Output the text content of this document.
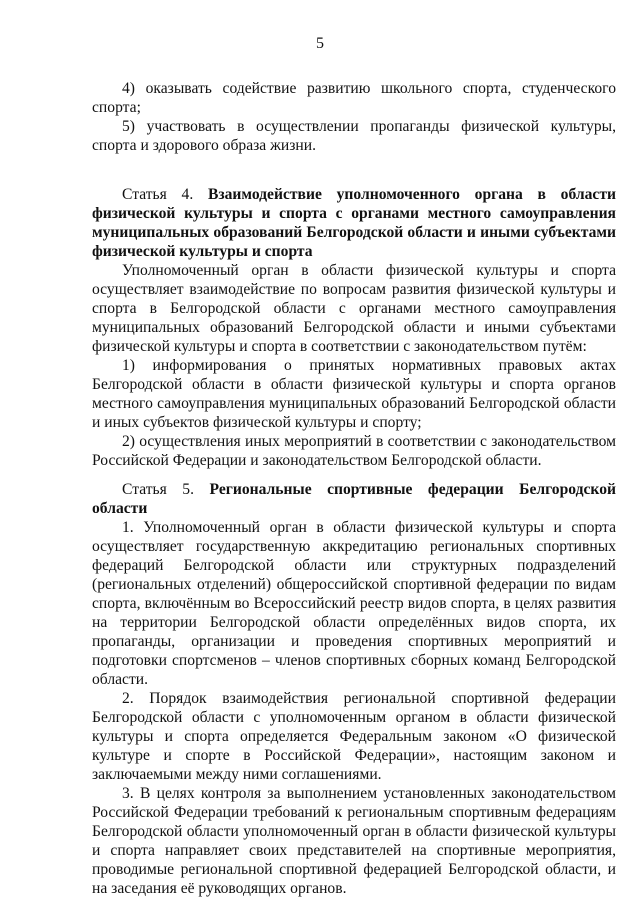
5

4) оказывать содействие развитию школьного спорта, студенческого спорта;

5) участвовать в осуществлении пропаганды физической культуры, спорта и здорового образа жизни.

Статья 4. Взаимодействие уполномоченного органа в области физической культуры и спорта с органами местного самоуправления муниципальных образований Белгородской области и иными субъектами физической культуры и спорта

Уполномоченный орган в области физической культуры и спорта осуществляет взаимодействие по вопросам развития физической культуры и спорта в Белгородской области с органами местного самоуправления муниципальных образований Белгородской области и иными субъектами физической культуры и спорта в соответствии с законодательством путём:

1) информирования о принятых нормативных правовых актах Белгородской области в области физической культуры и спорта органов местного самоуправления муниципальных образований Белгородской области и иных субъектов физической культуры и спорту;

2) осуществления иных мероприятий в соответствии с законодательством Российской Федерации и законодательством Белгородской области.

Статья 5. Региональные спортивные федерации Белгородской области

1. Уполномоченный орган в области физической культуры и спорта осуществляет государственную аккредитацию региональных спортивных федераций Белгородской области или структурных подразделений (региональных отделений) общероссийской спортивной федерации по видам спорта, включённым во Всероссийский реестр видов спорта, в целях развития на территории Белгородской области определённых видов спорта, их пропаганды, организации и проведения спортивных мероприятий и подготовки спортсменов – членов спортивных сборных команд Белгородской области.

2. Порядок взаимодействия региональной спортивной федерации Белгородской области с уполномоченным органом в области физической культуры и спорта определяется Федеральным законом «О физической культуре и спорте в Российской Федерации», настоящим законом и заключаемыми между ними соглашениями.

3. В целях контроля за выполнением установленных законодательством Российской Федерации требований к региональным спортивным федерациям Белгородской области уполномоченный орган в области физической культуры и спорта направляет своих представителей на спортивные мероприятия, проводимые региональной спортивной федерацией Белгородской области, и на заседания её руководящих органов.
